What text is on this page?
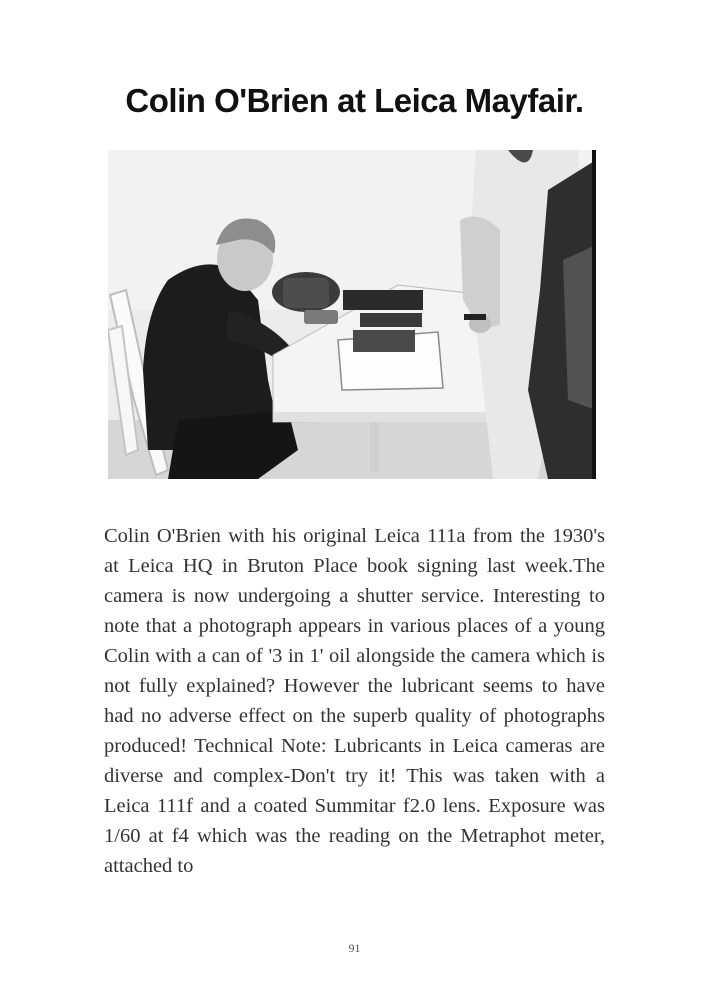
Colin O'Brien at Leica Mayfair.

Colin O'Brien with his original Leica 111a from the 1930's at Leica HQ in Bruton Place book signing last week.The camera is now undergoing a shutter service. Interesting to note that a photograph appears in various places of a young Colin with a can of '3 in 1' oil alongside the camera which is not fully explained? However the lubricant seems to have had no adverse effect on the superb quality of photographs produced! Technical Note: Lubricants in Leica cameras are diverse and complex-Don't try it! This was taken with a Leica 111f and a coated Summitar f2.0 lens. Exposure was 1/60 at f4 which was the reading on the Metraphot meter, attached to

91
